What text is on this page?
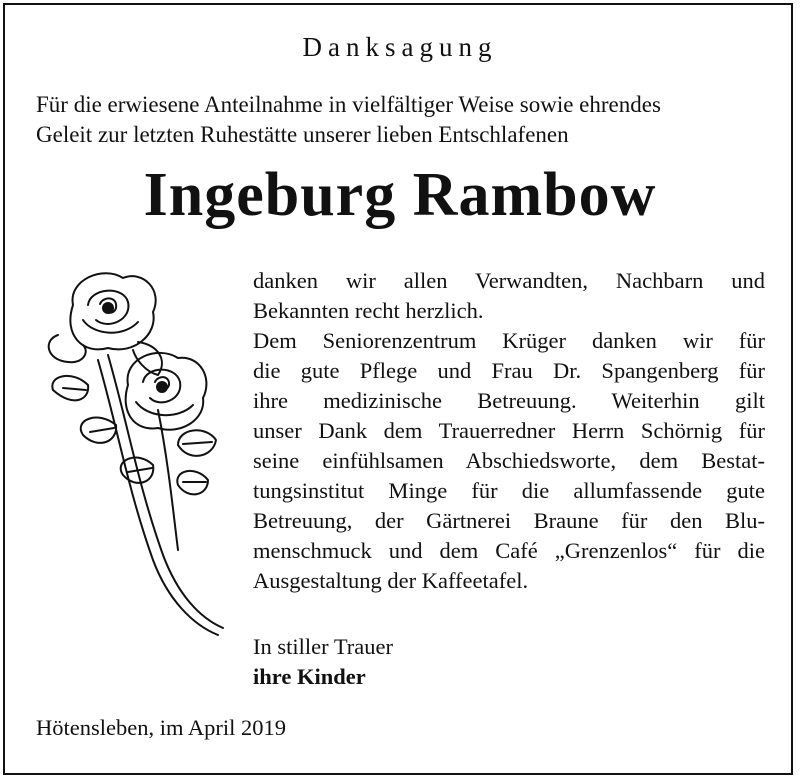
Danksagung
Für die erwiesene Anteilnahme in vielfältiger Weise sowie ehrendes
Geleit zur letzten Ruhestätte unserer lieben Entschlafenen
Ingeburg Rambow
danken wir allen Verwandten, Nachbarn und
Bekannten recht herzlich.
Dem Seniorenzentrum Krüger danken wir für
die gute Pflege und Frau Dr. Spangenberg für
ihre medizinische Betreuung. Weiterhin gilt
unser Dank dem Trauerredner Herrn Schörnig für
seine einfühlsamen Abschiedsworte, dem Bestat-
tungsinstitut Minge für die allumfassende gute
Betreuung, der Gärtnerei Braune für den Blu-
menschmuck und dem Café „Grenzenlos“ für die
Ausgestaltung der Kaffeetafel.
In stiller Trauer
ihre Kinder
Hötensleben, im April 2019
